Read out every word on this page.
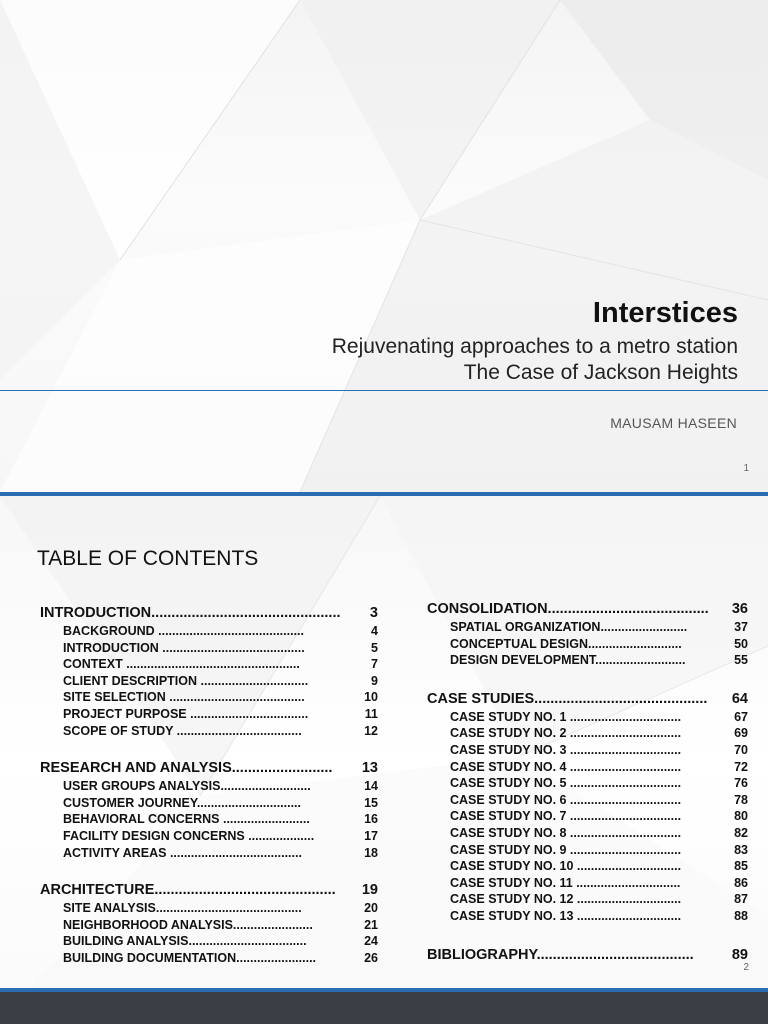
Interstices
Rejuvenating approaches to a metro station
The Case of Jackson Heights
MAUSAM HASEEN
1
TABLE OF CONTENTS
INTRODUCTION............................................... 3
BACKGROUND ..........................................	4
INTRODUCTION .........................................	5
CONTEXT ..................................................	7
CLIENT DESCRIPTION ...............................	9
SITE SELECTION .......................................	10
PROJECT PURPOSE ..................................	11
SCOPE OF STUDY ....................................	12
RESEARCH AND ANALYSIS......................... 13
USER GROUPS ANALYSIS..........................	14
CUSTOMER JOURNEY..............................	15
BEHAVIORAL CONCERNS .........................	16
FACILITY DESIGN CONCERNS ...................	17
ACTIVITY AREAS ......................................	18
ARCHITECTURE............................................. 19
SITE ANALYSIS..........................................	20
NEIGHBORHOOD ANALYSIS.......................	21
BUILDING ANALYSIS..................................	24
BUILDING DOCUMENTATION.......................	26
CONSOLIDATION........................................ 36
SPATIAL ORGANIZATION.........................	37
CONCEPTUAL DESIGN...........................	50
DESIGN DEVELOPMENT..........................	55
CASE STUDIES........................................... 64
CASE STUDY NO. 1 ................................	67
CASE STUDY NO. 2 ................................	69
CASE STUDY NO. 3 ................................	70
CASE STUDY NO. 4 ................................	72
CASE STUDY NO. 5 ................................	76
CASE STUDY NO. 6 ................................	78
CASE STUDY NO. 7 ................................	80
CASE STUDY NO. 8 ................................	82
CASE STUDY NO. 9 ................................	83
CASE STUDY NO. 10 ..............................	85
CASE STUDY NO. 11 ..............................	86
CASE STUDY NO. 12 ..............................	87
CASE STUDY NO. 13 ..............................	88
BIBLIOGRAPHY.......................................	89
2
